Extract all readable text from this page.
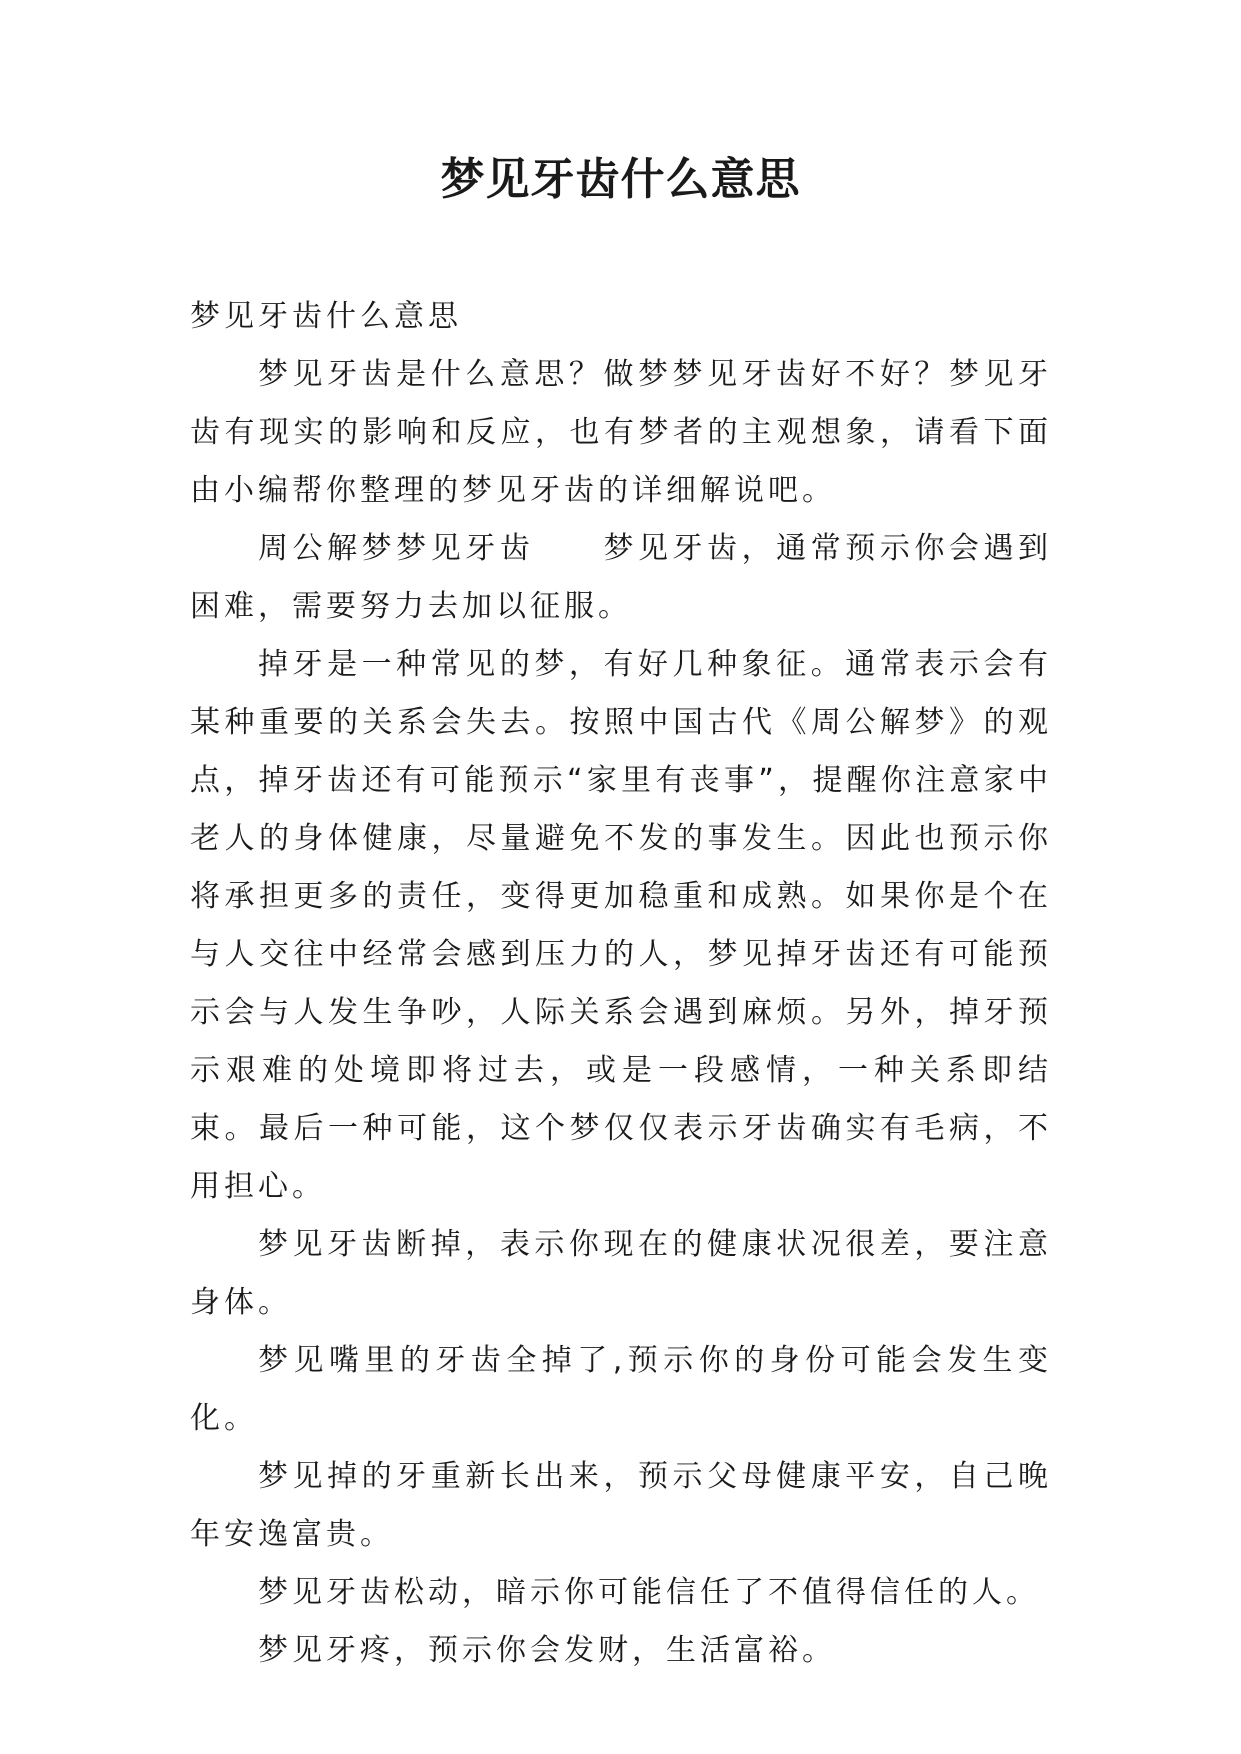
梦见牙齿什么意思

梦见牙齿什么意思

梦见牙齿是什么意思？做梦梦见牙齿好不好？梦见牙齿有现实的影响和反应，也有梦者的主观想象，请看下面由小编帮你整理的梦见牙齿的详细解说吧。

周公解梦梦见牙齿　　梦见牙齿，通常预示你会遇到困难，需要努力去加以征服。

掉牙是一种常见的梦，有好几种象征。通常表示会有某种重要的关系会失去。按照中国古代《周公解梦》的观点，掉牙齿还有可能预示“家里有丧事”，提醒你注意家中老人的身体健康，尽量避免不发的事发生。因此也预示你将承担更多的责任，变得更加稳重和成熟。如果你是个在与人交往中经常会感到压力的人，梦见掉牙齿还有可能预示会与人发生争吵，人际关系会遇到麻烦。另外，掉牙预示艰难的处境即将过去，或是一段感情，一种关系即结束。最后一种可能，这个梦仅仅表示牙齿确实有毛病，不用担心。

梦见牙齿断掉，表示你现在的健康状况很差，要注意身体。

梦见嘴里的牙齿全掉了,预示你的身份可能会发生变化。

梦见掉的牙重新长出来，预示父母健康平安，自己晚年安逸富贵。

梦见牙齿松动，暗示你可能信任了不值得信任的人。

梦见牙疼，预示你会发财，生活富裕。
